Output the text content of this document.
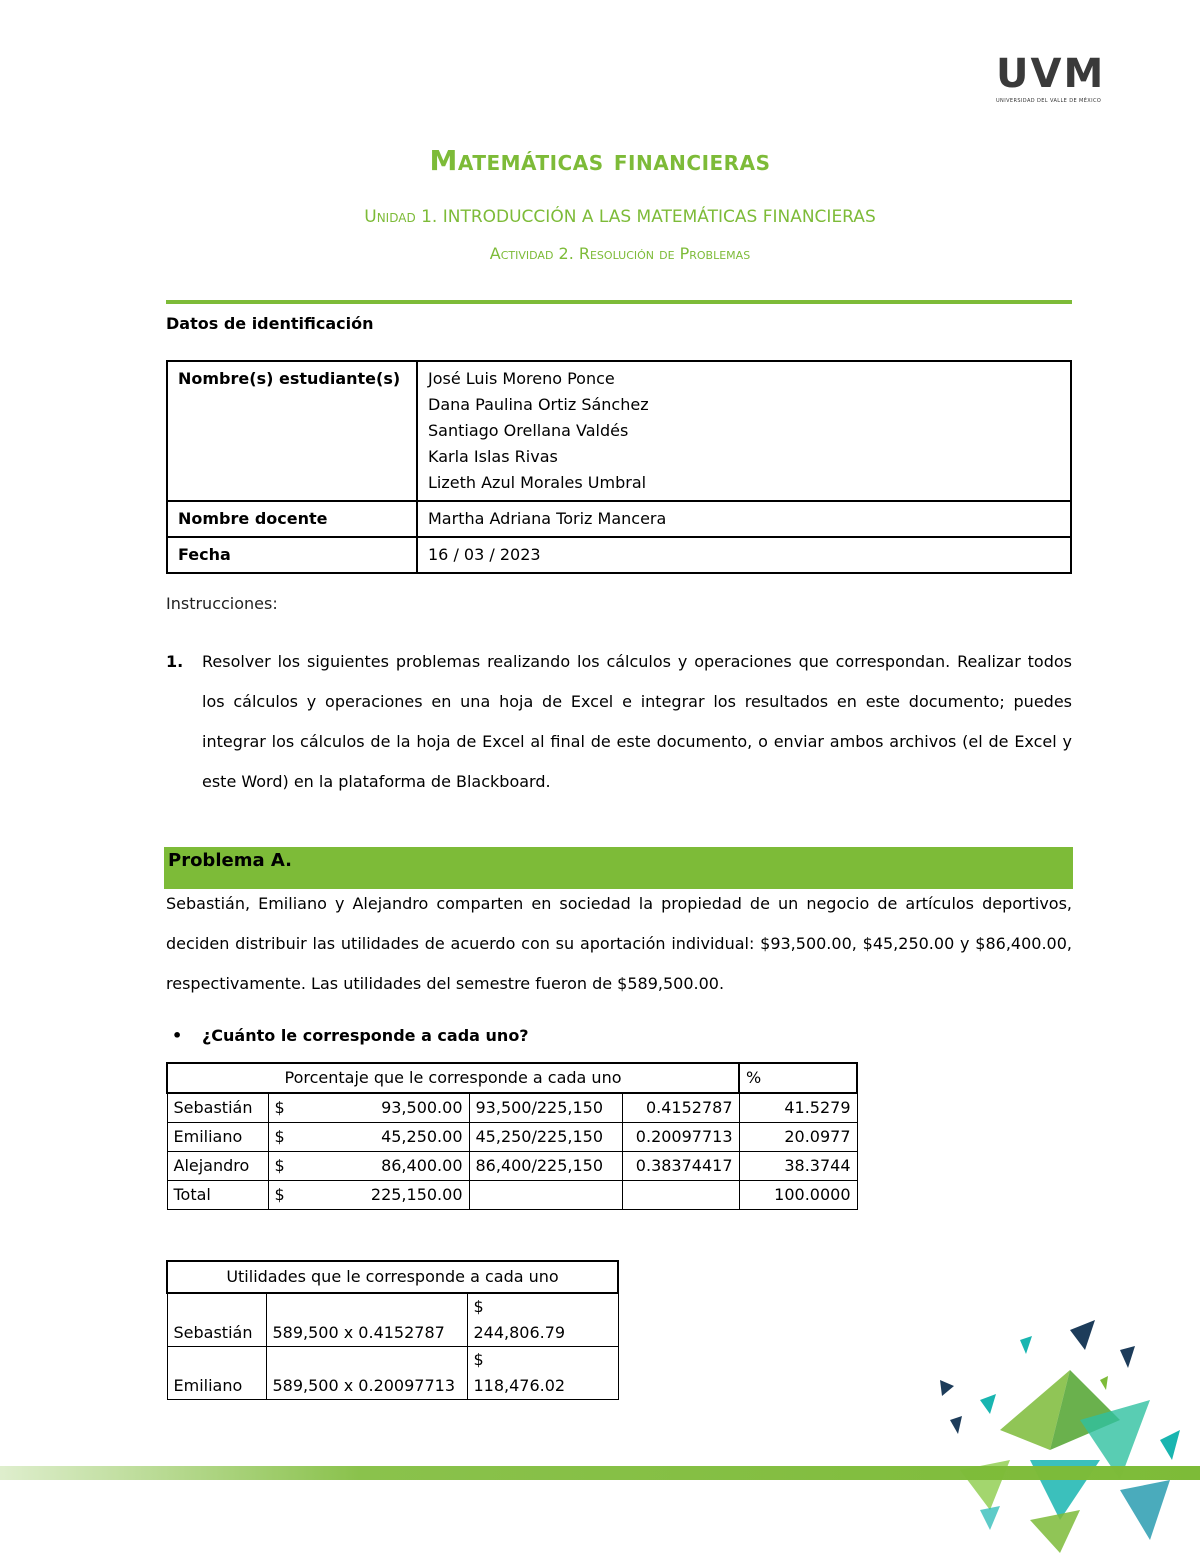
UVM
UNIVERSIDAD DEL VALLE DE MÉXICO
Matemáticas financieras
Unidad 1. INTRODUCCIÓN A LAS MATEMÁTICAS FINANCIERAS
Actividad 2. Resolución de Problemas
Datos de identificación
Nombre(s) estudiante(s)	José Luis Moreno Ponce
Dana Paulina Ortiz Sánchez
Santiago Orellana Valdés
Karla Islas Rivas
Lizeth Azul Morales Umbral

Nombre docente	Martha Adriana Toriz Mancera
Fecha	16 / 03 / 2023
Instrucciones:
1. Resolver los siguientes problemas realizando los cálculos y operaciones que correspondan. Realizar todos los cálculos y operaciones en una hoja de Excel e integrar los resultados en este documento; puedes integrar los cálculos de la hoja de Excel al final de este documento, o enviar ambos archivos (el de Excel y este Word) en la plataforma de Blackboard.
Problema A.
Sebastián, Emiliano y Alejandro comparten en sociedad la propiedad de un negocio de artículos deportivos, deciden distribuir las utilidades de acuerdo con su aportación individual: $93,500.00, $45,250.00 y $86,400.00, respectivamente. Las utilidades del semestre fueron de $589,500.00.
• ¿Cuánto le corresponde a cada uno?
Porcentaje que le corresponde a cada uno				%
Sebastián	$ 93,500.00	93,500/225,150	0.4152787	41.5279
Emiliano	$ 45,250.00	45,250/225,150	0.20097713	20.0977
Alejandro	$ 86,400.00	86,400/225,150	0.38374417	38.3744
Total	$ 225,150.00			100.0000
Utilidades que le corresponde a cada uno		
Sebastián	589,500 x 0.4152787	$
244,806.79

Emiliano	589,500 x 0.20097713	$
118,476.02
